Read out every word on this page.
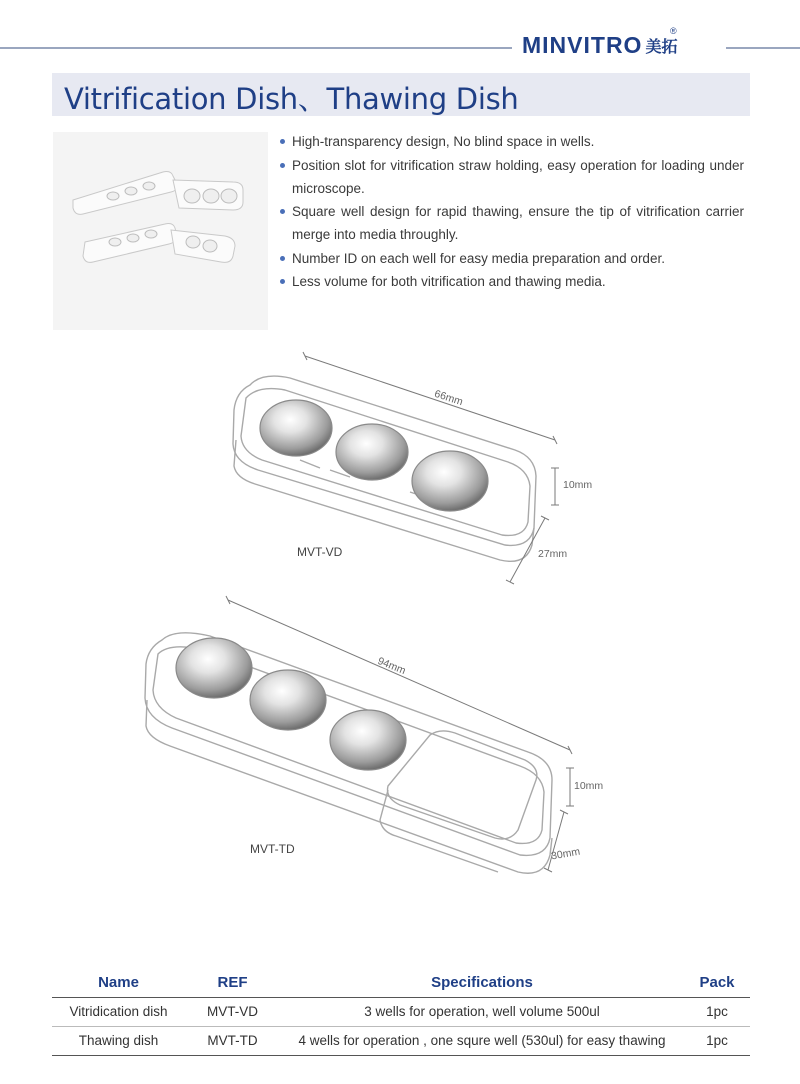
MINVITRO
®
美拓
Vitrification Dish、Thawing Dish
High-transparency design, No blind space in wells.
Position slot for vitrification straw holding, easy operation for loading under microscope.
Square well design for rapid thawing, ensure the tip of vitrification carrier merge into media throughly.
Number ID on each well for easy media preparation and order.
Less volume for both vitrification and thawing media.
66mm
10mm
27mm
MVT-VD
94mm
10mm
30mm
MVT-TD
Name	REF	Specifications	Pack
Vitridication dish	MVT-VD	3 wells for operation, well volume 500ul	1pc
Thawing dish	MVT-TD	4 wells for operation , one squre well (530ul) for easy thawing	1pc
